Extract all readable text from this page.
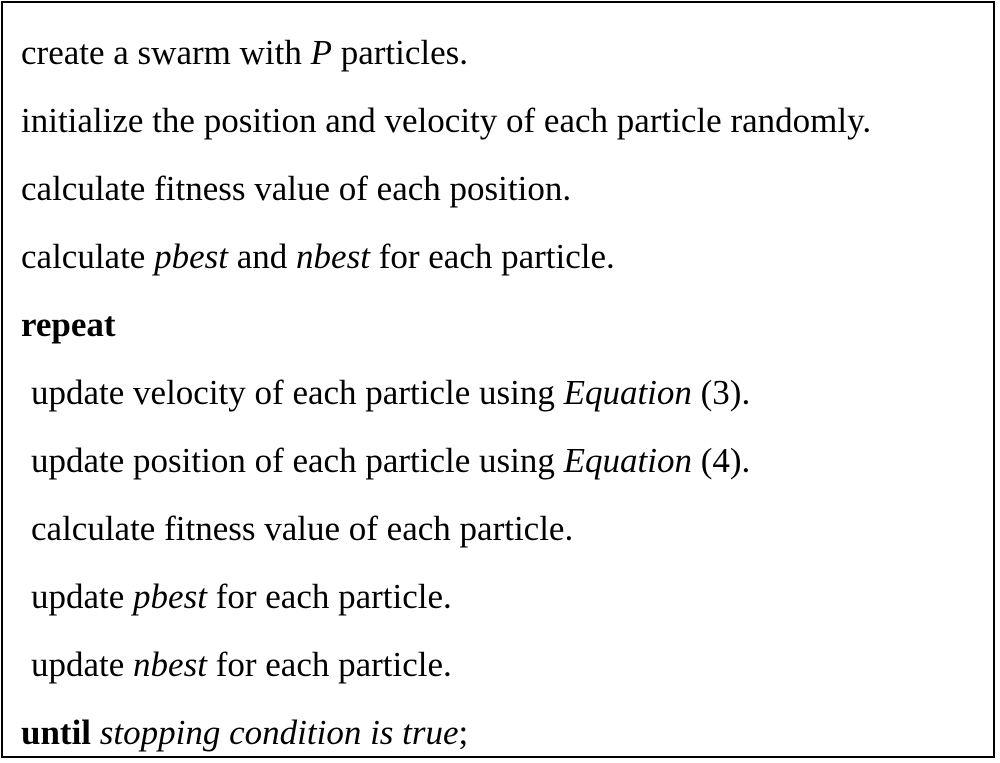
create a swarm with P particles.
initialize the position and velocity of each particle randomly.
calculate fitness value of each position.
calculate pbest and nbest for each particle.
repeat
update velocity of each particle using Equation (3).
update position of each particle using Equation (4).
calculate fitness value of each particle.
update pbest for each particle.
update nbest for each particle.
until stopping condition is true;
